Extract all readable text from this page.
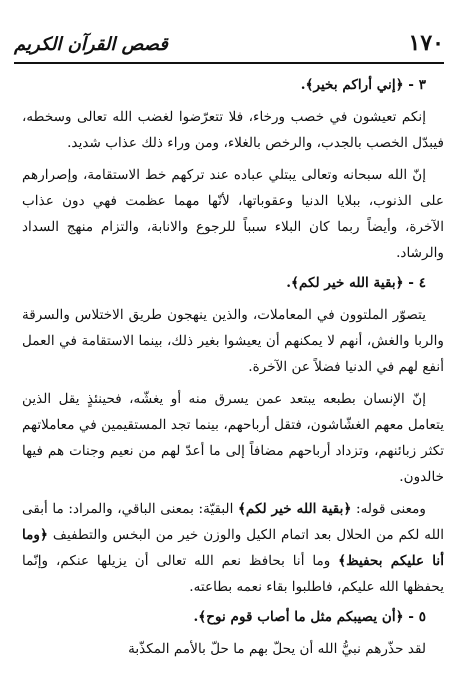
١٧٠
قصص القرآن الكريم

٣ - ﴿إني أراكم بخير﴾.

إنكم تعيشون في خصب ورخاء، فلا تتعرّضوا لغضب الله تعالى وسخطه، فيبدّل الخصب بالجدب، والرخص بالغلاء، ومن وراء ذلك عذاب شديد.

إنّ الله سبحانه وتعالى يبتلي عباده عند تركهم خط الاستقامة، وإصرارهم على الذنوب، ببلايا الدنيا وعقوباتها، لأنّها مهما عظمت فهي دون عذاب الآخرة، وأيضاً ربما كان البلاء سبباً للرجوع والانابة، والتزام منهج السداد والرشاد.

٤ - ﴿بقية الله خير لكم﴾.

يتصوّر الملتوون في المعاملات، والذين ينهجون طريق الاختلاس والسرقة والربا والغش، أنهم لا يمكنهم أن يعيشوا بغير ذلك، بينما الاستقامة في العمل أنفع لهم في الدنيا فضلاً عن الآخرة.

إنّ الإنسان بطبعه يبتعد عمن يسرق منه أو يغشّه، فحينئذٍ يقل الذين يتعامل معهم الغشّاشون، فتقل أرباحهم، بينما تجد المستقيمين في معاملاتهم تكثر زبائنهم، وتزداد أرباحهم مضافاً إلى ما أعدّ لهم من نعيم وجنات هم فيها خالدون.

ومعنى قوله: ﴿بقية الله خير لكم﴾ البقيّة: بمعنى الباقي، والمراد: ما أبقى الله لكم من الحلال بعد اتمام الكيل والوزن خير من البخس والتطفيف ﴿وما أنا عليكم بحفيظ﴾ وما أنا بحافظ نعم الله تعالى أن يزيلها عنكم، وإنّما يحفظها الله عليكم، فاطلبوا بقاء نعمه بطاعته.

٥ - ﴿أن يصيبكم مثل ما أصاب قوم نوح﴾.

لقد حذّرهم نبيُّ الله أن يحلّ بهم ما حلّ بالأمم المكذّبة
